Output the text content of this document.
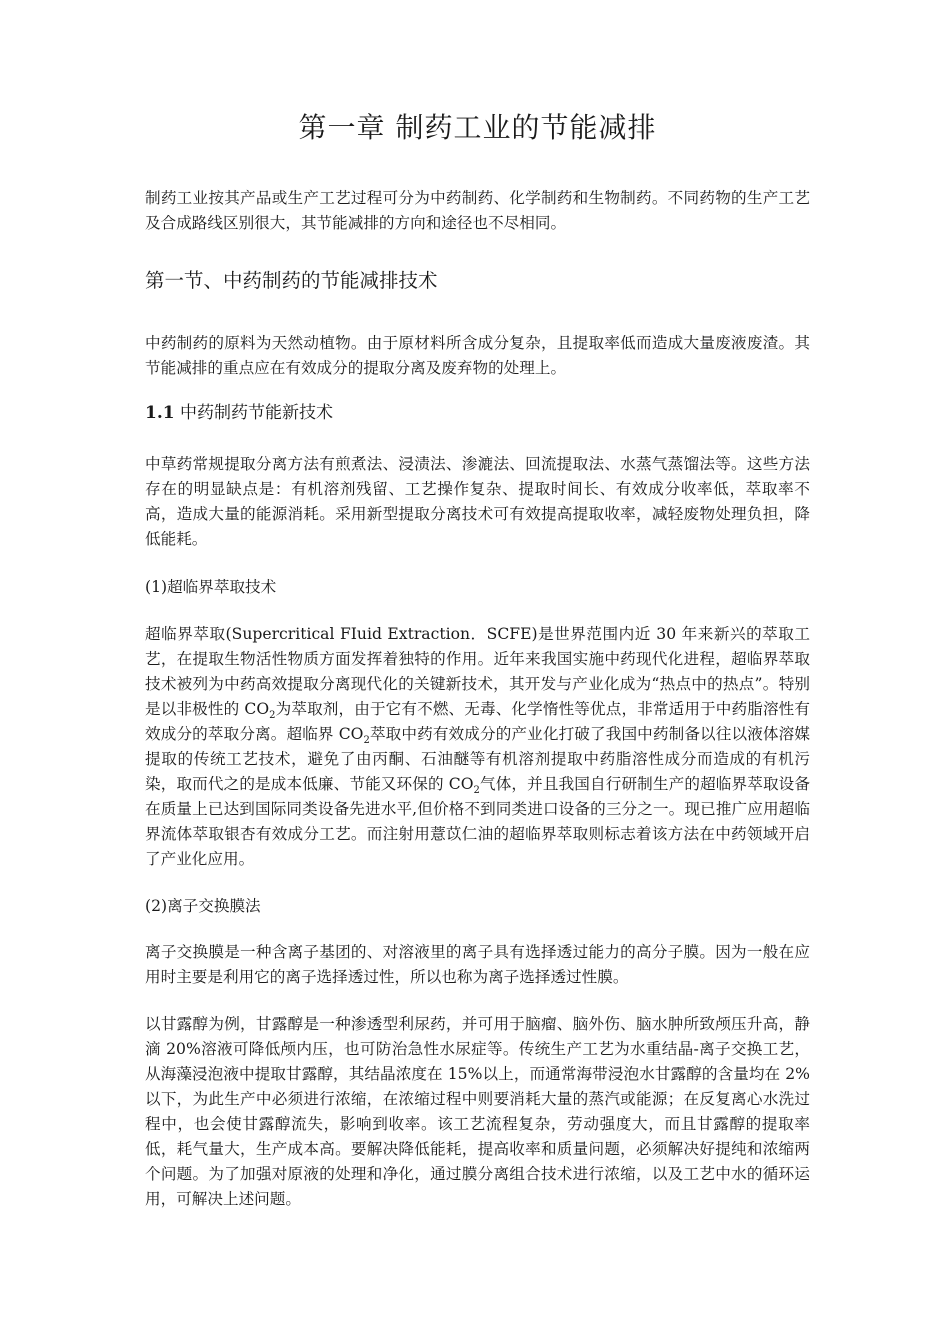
第一章 制药工业的节能减排

制药工业按其产品或生产工艺过程可分为中药制药、化学制药和生物制药。不同药物的生产工艺及合成路线区别很大，其节能减排的方向和途径也不尽相同。

第一节、中药制药的节能减排技术

中药制药的原料为天然动植物。由于原材料所含成分复杂，且提取率低而造成大量废液废渣。其节能减排的重点应在有效成分的提取分离及废弃物的处理上。

1.1 中药制药节能新技术

中草药常规提取分离方法有煎煮法、浸渍法、渗漉法、回流提取法、水蒸气蒸馏法等。这些方法存在的明显缺点是：有机溶剂残留、工艺操作复杂、提取时间长、有效成分收率低，萃取率不高，造成大量的能源消耗。采用新型提取分离技术可有效提高提取收率，减轻废物处理负担，降低能耗。

(1)超临界萃取技术

超临界萃取(Supercritical FIuid Extraction．SCFE)是世界范围内近 30 年来新兴的萃取工艺，在提取生物活性物质方面发挥着独特的作用。近年来我国实施中药现代化进程，超临界萃取技术被列为中药高效提取分离现代化的关键新技术，其开发与产业化成为“热点中的热点”。特别是以非极性的 $CO_2$为萃取剂，由于它有不燃、无毒、化学惰性等优点，非常适用于中药脂溶性有效成分的萃取分离。超临界 $CO_2$萃取中药有效成分的产业化打破了我国中药制备以往以液体溶媒提取的传统工艺技术，避免了由丙酮、石油醚等有机溶剂提取中药脂溶性成分而造成的有机污染，取而代之的是成本低廉、节能又环保的 $CO_2$气体，并且我国自行研制生产的超临界萃取设备在质量上已达到国际同类设备先进水平,但价格不到同类进口设备的三分之一。现已推广应用超临界流体萃取银杏有效成分工艺。而注射用薏苡仁油的超临界萃取则标志着该方法在中药领域开启了产业化应用。

(2)离子交换膜法

离子交换膜是一种含离子基团的、对溶液里的离子具有选择透过能力的高分子膜。因为一般在应用时主要是利用它的离子选择透过性，所以也称为离子选择透过性膜。

以甘露醇为例，甘露醇是一种渗透型利尿药，并可用于脑瘤、脑外伤、脑水肿所致颅压升高，静滴 20%溶液可降低颅内压，也可防治急性水尿症等。传统生产工艺为水重结晶-离子交换工艺，从海藻浸泡液中提取甘露醇，其结晶浓度在 15%以上，而通常海带浸泡水甘露醇的含量均在 2%以下，为此生产中必须进行浓缩，在浓缩过程中则要消耗大量的蒸汽或能源；在反复离心水洗过程中，也会使甘露醇流失，影响到收率。该工艺流程复杂，劳动强度大，而且甘露醇的提取率低，耗气量大，生产成本高。要解决降低能耗，提高收率和质量问题，必须解决好提纯和浓缩两个问题。为了加强对原液的处理和净化，通过膜分离组合技术进行浓缩，以及工艺中水的循环运用，可解决上述问题。
